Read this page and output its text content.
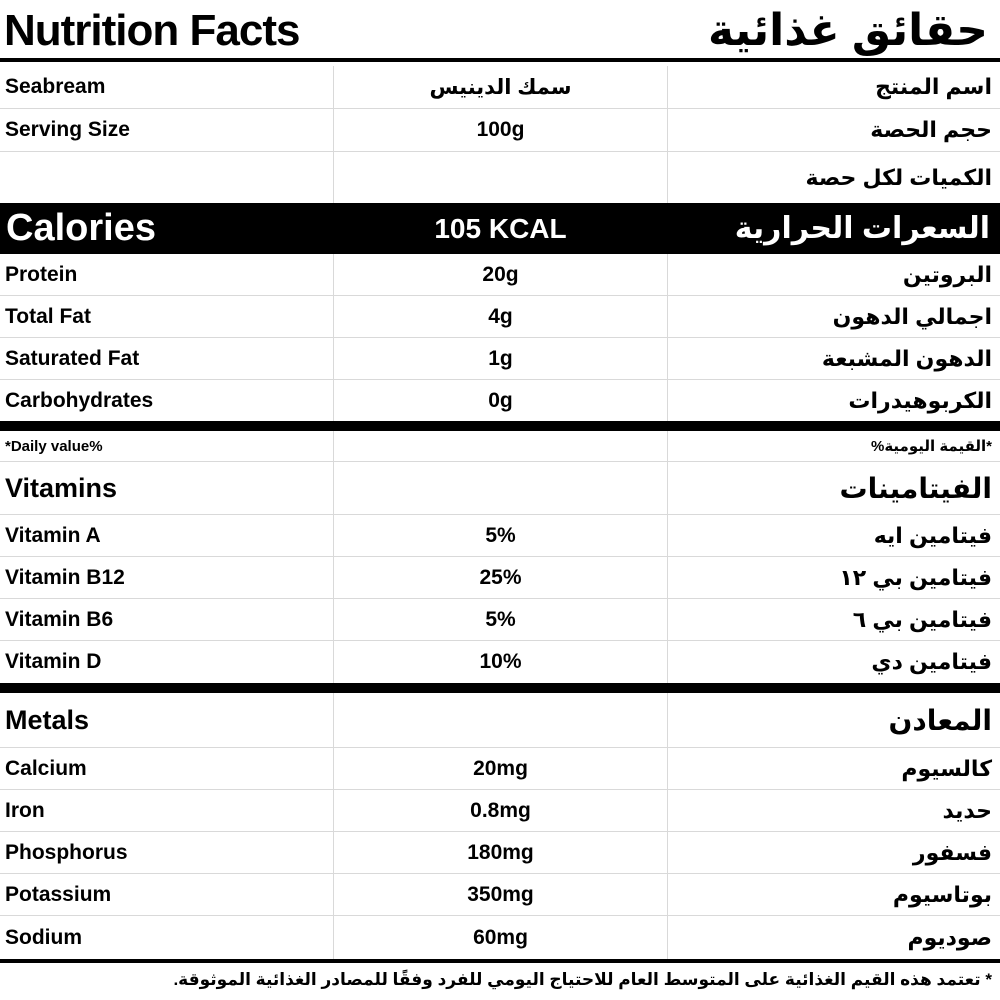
Nutrition Facts	حقائق غذائية
Seabream	سمك الدينيس	اسم المنتج
Serving Size	100g	حجم الحصة
الكميات لكل حصة
Calories	105 KCAL	السعرات الحرارية
Protein	20g	البروتين
Total Fat	4g	اجمالي الدهون
Saturated Fat	1g	الدهون المشبعة
Carbohydrates	0g	الكربوهيدرات
*Daily value%	*القيمة اليومية%
Vitamins	الفيتامينات
Vitamin A	5%	فيتامين ايه
Vitamin B12	25%	فيتامين بي ١٢
Vitamin B6	5%	فيتامين بي ٦
Vitamin D	10%	فيتامين دي
Metals	المعادن
Calcium	20mg	كالسيوم
Iron	0.8mg	حديد
Phosphorus	180mg	فسفور
Potassium	350mg	بوتاسيوم
Sodium	60mg	صوديوم
* تعتمد هذه القيم الغذائية على المتوسط العام للاحتياج اليومي للفرد وفقًا للمصادر الغذائية الموثوقة.
